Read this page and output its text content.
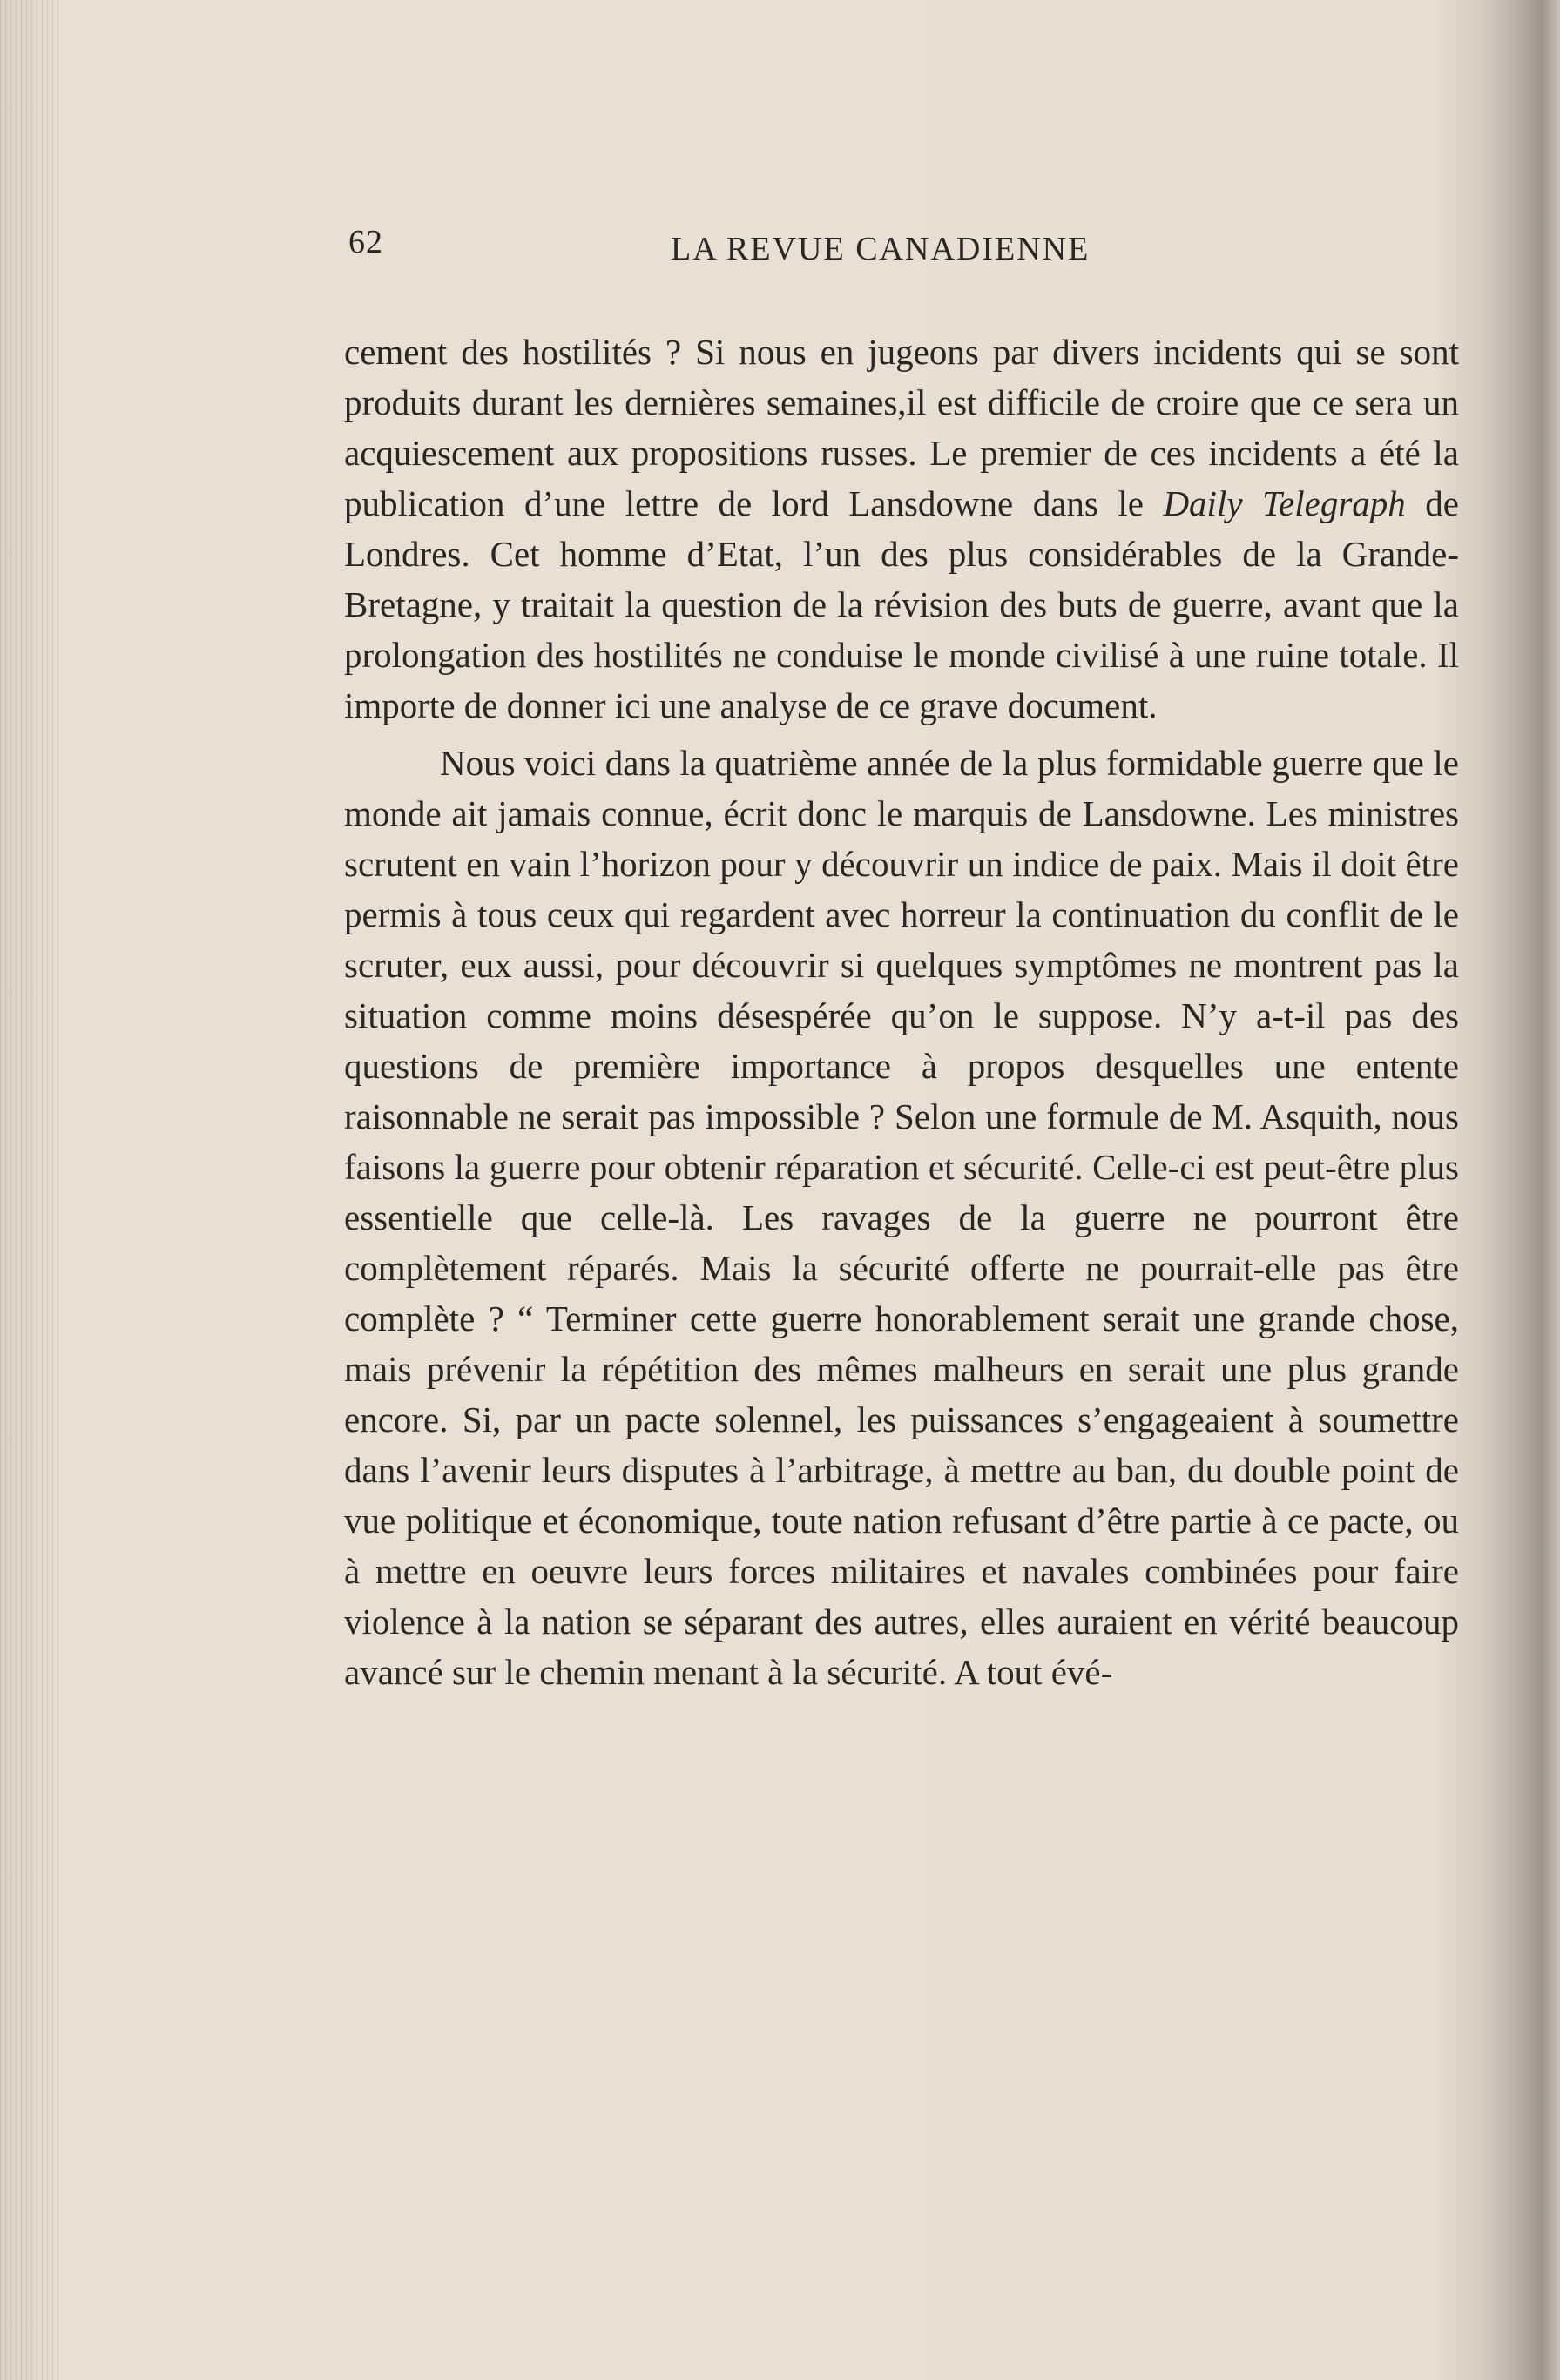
62	LA REVUE CANADIENNE

cement des hostilités ? Si nous en jugeons par divers incidents qui se sont produits durant les dernières semaines,il est difficile de croire que ce sera un acquiescement aux propositions russes. Le premier de ces incidents a été la publication d’une lettre de lord Lansdowne dans le Daily Telegraph de Londres. Cet homme d’Etat, l’un des plus considérables de la Grande-Bretagne, y traitait la question de la révision des buts de guerre, avant que la prolongation des hostilités ne conduise le monde civilisé à une ruine totale. Il importe de donner ici une analyse de ce grave document.

Nous voici dans la quatrième année de la plus formidable guerre que le monde ait jamais connue, écrit donc le marquis de Lansdowne. Les ministres scrutent en vain l’horizon pour y découvrir un indice de paix. Mais il doit être permis à tous ceux qui regardent avec horreur la continuation du conflit de le scruter, eux aussi, pour découvrir si quelques symptômes ne montrent pas la situation comme moins désespérée qu’on le suppose. N’y a-t-il pas des questions de première importance à propos desquelles une entente raisonnable ne serait pas impossible ? Selon une formule de M. Asquith, nous faisons la guerre pour obtenir réparation et sécurité. Celle-ci est peut-être plus essentielle que celle-là. Les ravages de la guerre ne pourront être complètement réparés. Mais la sécurité offerte ne pourrait-elle pas être complète ? “ Terminer cette guerre honorablement serait une grande chose, mais prévenir la répétition des mêmes malheurs en serait une plus grande encore. Si, par un pacte solennel, les puissances s’engageaient à soumettre dans l’avenir leurs disputes à l’arbitrage, à mettre au ban, du double point de vue politique et économique, toute nation refusant d’être partie à ce pacte, ou à mettre en oeuvre leurs forces militaires et navales combinées pour faire violence à la nation se séparant des autres, elles auraient en vérité beaucoup avancé sur le chemin menant à la sécurité. A tout évé-
